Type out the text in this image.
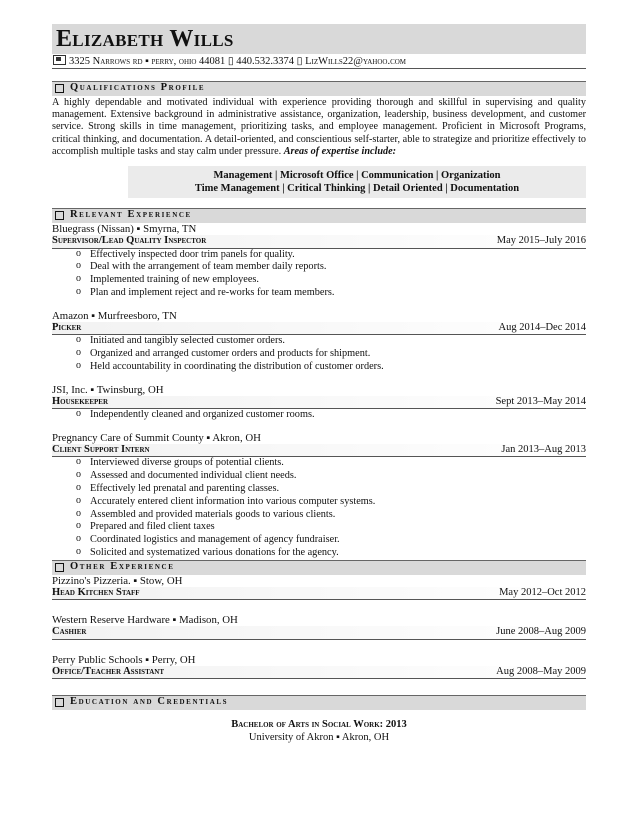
Elizabeth Wills
3325 Narrows rd ▪ perry, ohio 44081 ▯ 440.532.3374 ▯ LizWills22@yahoo.com
Qualifications Profile
A highly dependable and motivated individual with experience providing thorough and skillful in supervising and quality management. Extensive background in administrative assistance, organization, leadership, business development, and customer service. Strong skills in time management, prioritizing tasks, and employee management. Proficient in Microsoft Programs, critical thinking, and documentation. A detail-oriented, and conscientious self-starter, able to strategize and prioritize effectively to accomplish multiple tasks and stay calm under pressure. Areas of expertise include:
Management | Microsoft Office | Communication | Organization
Time Management | Critical Thinking | Detail Oriented | Documentation
Relevant Experience
Bluegrass (Nissan) ▪ Smyrna, TN
Supervisor/Lead Quality Inspector	May 2015–July 2016
o Effectively inspected door trim panels for quality.
o Deal with the arrangement of team member daily reports.
o Implemented training of new employees.
o Plan and implement reject and re-works for team members.
Amazon ▪ Murfreesboro, TN
Picker	Aug 2014–Dec 2014
o Initiated and tangibly selected customer orders.
o Organized and arranged customer orders and products for shipment.
o Held accountability in coordinating the distribution of customer orders.
JSI, Inc. ▪ Twinsburg, OH
Housekeeper	Sept 2013–May 2014
o Independently cleaned and organized customer rooms.
Pregnancy Care of Summit County ▪ Akron, OH
Client Support Intern	Jan 2013–Aug 2013
o Interviewed diverse groups of potential clients.
o Assessed and documented individual client needs.
o Effectively led prenatal and parenting classes.
o Accurately entered client information into various computer systems.
o Assembled and provided materials goods to various clients.
o Prepared and filed client taxes
o Coordinated logistics and management of agency fundraiser.
o Solicited and systematized various donations for the agency.
Other Experience
Pizzino's Pizzeria. ▪ Stow, OH
Head Kitchen Staff	May 2012–Oct 2012
Western Reserve Hardware ▪ Madison, OH
Cashier	June 2008–Aug 2009
Perry Public Schools ▪ Perry, OH
Office/Teacher Assistant	Aug 2008–May 2009
Education and Credentials
Bachelor of Arts in Social Work: 2013
University of Akron ▪ Akron, OH
